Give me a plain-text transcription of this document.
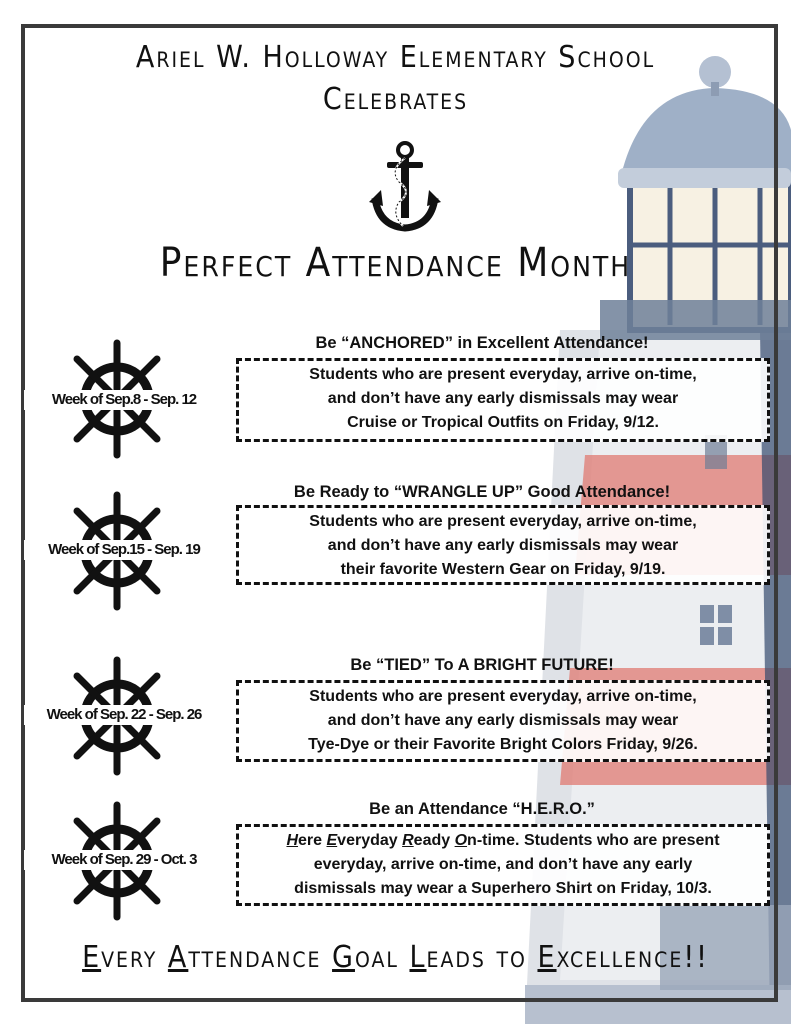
Ariel W. Holloway Elementary School
Celebrates
Perfect Attendance Month
Week of Sep.8 - Sep. 12
Be “ANCHORED” in Excellent Attendance!

Students who are present everyday, arrive on-time,

and don’t have any early dismissals may wear

Cruise or Tropical Outfits on Friday, 9/12.

Week of Sep.15 - Sep. 19
Be Ready to “WRANGLE UP” Good Attendance!

Students who are present everyday, arrive on-time,

and don’t have any early dismissals may wear

their favorite Western Gear on Friday, 9/19.

Week of Sep. 22 - Sep. 26
Be “TIED” To A BRIGHT FUTURE!

Students who are present everyday, arrive on-time,

and don’t have any early dismissals may wear

Tye-Dye or their Favorite Bright Colors Friday, 9/26.

Week of Sep. 29 - Oct. 3
Be an Attendance “H.E.R.O.”

Here Everyday Ready On-time. Students who are present

everyday, arrive on-time, and don’t have any early

dismissals may wear a Superhero Shirt on Friday, 10/3.

Every Attendance Goal Leads to Excellence!!
